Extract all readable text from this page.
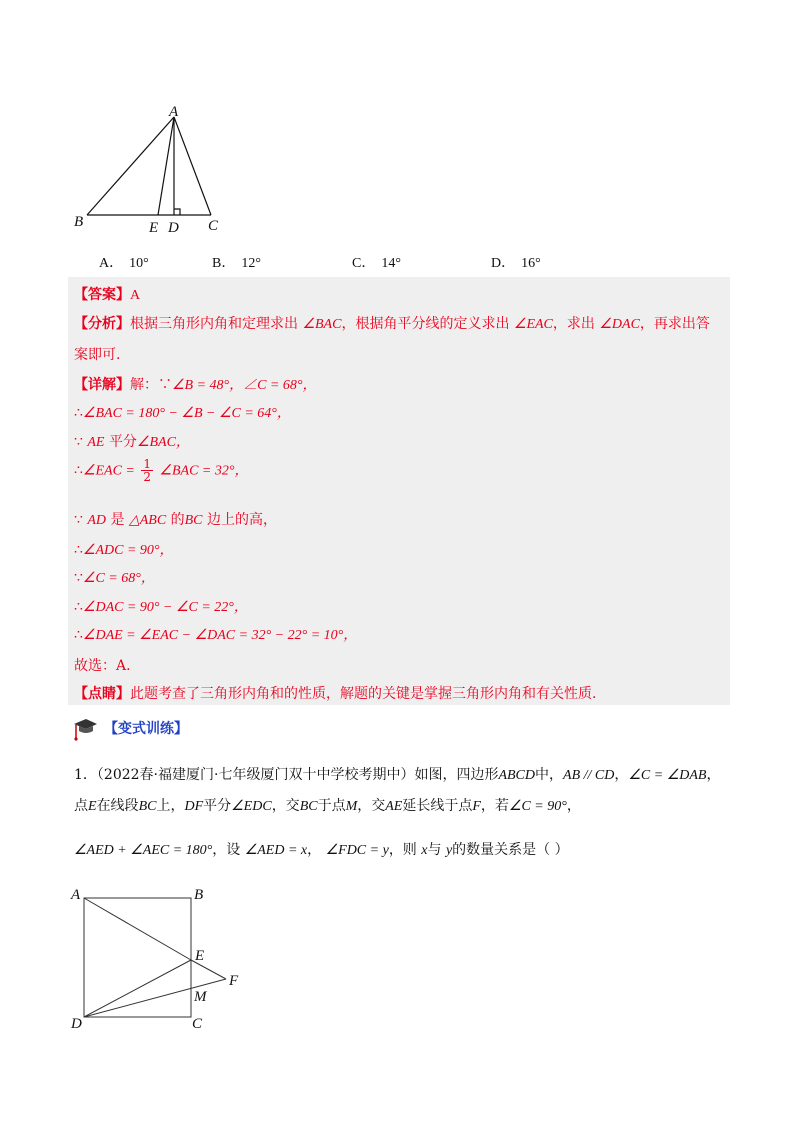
A
B	E D C
A． 10°	B． 12°	C． 14°	D． 16°
【答案】A
【分析】根据三角形内角和定理求出 ∠BAC，根据角平分线的定义求出 ∠EAC，求出 ∠DAC，再求出答
案即可.
【详解】解：∵∠B = 48°，∠C = 68°，
∴∠BAC = 180° − ∠B − ∠C = 64°，
∵ AE 平分∠BAC，
∴∠EAC = $\frac{1}{2}$ ∠BAC = 32°，
∵ AD 是 △ABC 的BC 边上的高，
∴∠ADC = 90°，
∵∠C = 68°，
∴∠DAC = 90° − ∠C = 22°，
∴∠DAE = ∠EAC − ∠DAC = 32° − 22° = 10°，
故选：A.
【点睛】此题考查了三角形内角和的性质，解题的关键是掌握三角形内角和有关性质.
【变式训练】
1．（2022春·福建厦门·七年级厦门双十中学校考期中）如图，四边形ABCD中，AB // CD，∠C = ∠DAB，
点E在线段BC上，DF平分∠EDC，交BC于点M，交AE延长线于点F，若∠C = 90°，
∠AED + ∠AEC = 180°，设 ∠AED = x， ∠FDC = y，则 x与 y的数量关系是（ ）
A	B
E
F
M
D	C
